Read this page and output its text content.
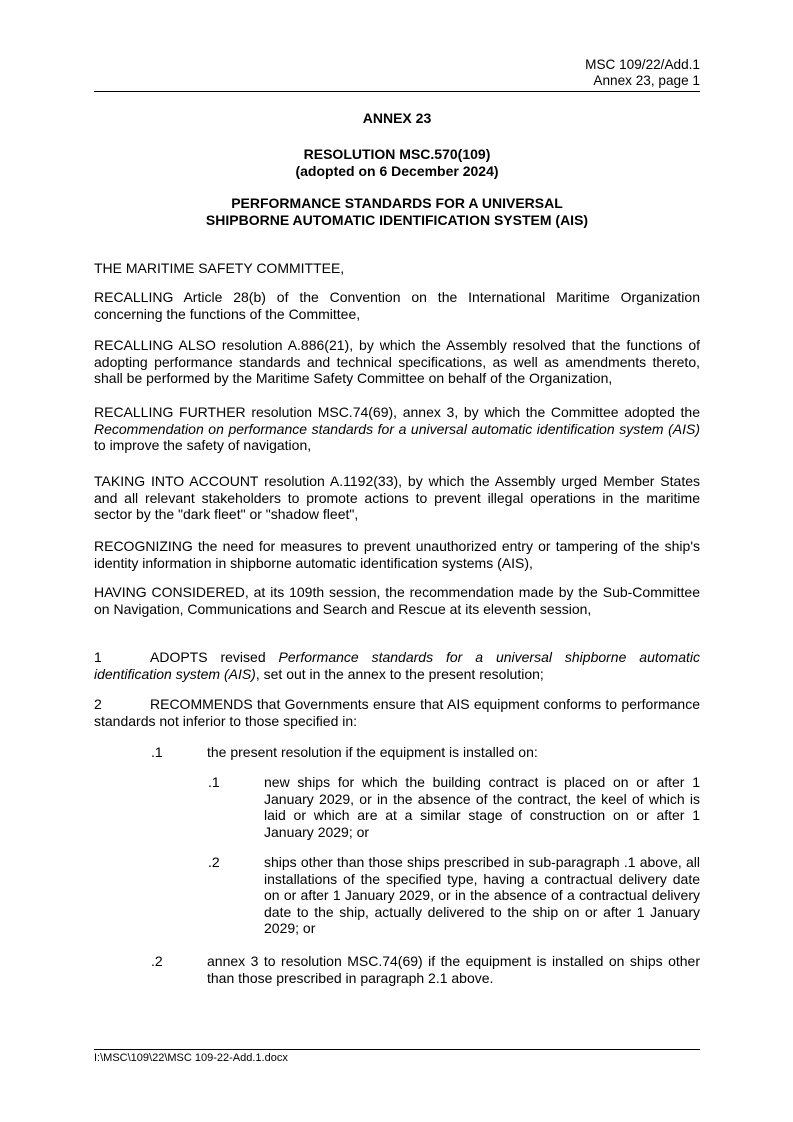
MSC 109/22/Add.1
Annex 23, page 1
ANNEX 23
RESOLUTION MSC.570(109)
(adopted on 6 December 2024)
PERFORMANCE STANDARDS FOR A UNIVERSAL
SHIPBORNE AUTOMATIC IDENTIFICATION SYSTEM (AIS)

THE MARITIME SAFETY COMMITTEE,

RECALLING Article 28(b) of the Convention on the International Maritime Organization concerning the functions of the Committee,

RECALLING ALSO resolution A.886(21), by which the Assembly resolved that the functions of adopting performance standards and technical specifications, as well as amendments thereto, shall be performed by the Maritime Safety Committee on behalf of the Organization,

RECALLING FURTHER resolution MSC.74(69), annex 3, by which the Committee adopted the Recommendation on performance standards for a universal automatic identification system (AIS) to improve the safety of navigation,

TAKING INTO ACCOUNT resolution A.1192(33), by which the Assembly urged Member States and all relevant stakeholders to promote actions to prevent illegal operations in the maritime sector by the "dark fleet" or "shadow fleet",

RECOGNIZING the need for measures to prevent unauthorized entry or tampering of the ship's identity information in shipborne automatic identification systems (AIS),

HAVING CONSIDERED, at its 109th session, the recommendation made by the Sub-Committee on Navigation, Communications and Search and Rescue at its eleventh session,

1	ADOPTS revised Performance standards for a universal shipborne automatic identification system (AIS), set out in the annex to the present resolution;

2	RECOMMENDS that Governments ensure that AIS equipment conforms to performance standards not inferior to those specified in:

.1	the present resolution if the equipment is installed on:
.1	new ships for which the building contract is placed on or after 1 January 2029, or in the absence of the contract, the keel of which is laid or which are at a similar stage of construction on or after 1 January 2029; or

.2	ships other than those ships prescribed in sub-paragraph .1 above, all installations of the specified type, having a contractual delivery date on or after 1 January 2029, or in the absence of a contractual delivery date to the ship, actually delivered to the ship on or after 1 January 2029; or

.2	annex 3 to resolution MSC.74(69) if the equipment is installed on ships other than those prescribed in paragraph 2.1 above.

I:\MSC\109\22\MSC 109-22-Add.1.docx
